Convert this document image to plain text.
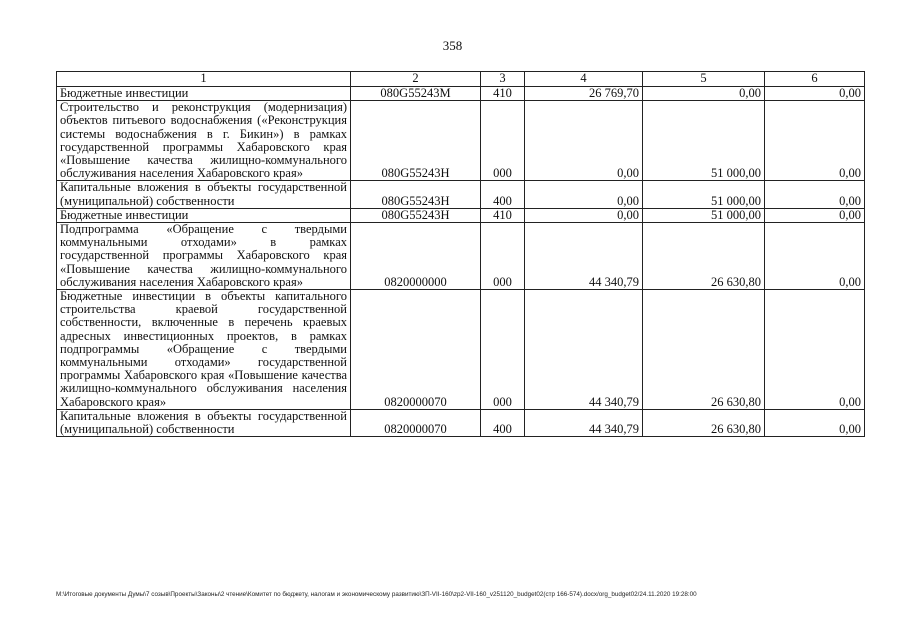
358
1	2	3	4	5	6
Бюджетные инвестиции	080G55243M	410	26 769,70	0,00	0,00
Строительство и реконструкция (модернизация) объектов питьевого водоснабжения («Реконструкция системы водоснабжения в г. Бикин») в рамках государственной программы Хабаровского края «Повышение качества жилищно-коммунального обслуживания населения Хабаровского края»	080G55243H	000	0,00	51 000,00	0,00
Капитальные вложения в объекты государственной (муниципальной) собственности	080G55243H	400	0,00	51 000,00	0,00
Бюджетные инвестиции	080G55243H	410	0,00	51 000,00	0,00
Подпрограмма «Обращение с твердыми коммунальными отходами» в рамках государственной программы Хабаровского края «Повышение качества жилищно-коммунального обслуживания населения Хабаровского края»	0820000000	000	44 340,79	26 630,80	0,00
Бюджетные инвестиции в объекты капитального строительства краевой государственной собственности, включенные в перечень краевых адресных инвестиционных проектов, в рамках подпрограммы «Обращение с твердыми коммунальными отходами» государственной программы Хабаровского края «Повышение качества жилищно-коммунального обслуживания населения Хабаровского края»	0820000070	000	44 340,79	26 630,80	0,00
Капитальные вложения в объекты государственной (муниципальной) собственности	0820000070	400	44 340,79	26 630,80	0,00
M:\Итоговые документы Думы\7 созыв\Проекты\Законы\2 чтение\Комитет по бюджету, налогам и экономическому развитию\ЗП-VII-160\zp2-VII-160_v251120_budget02(стр 166-574).docx/org_budget02/24.11.2020 19:28:00
